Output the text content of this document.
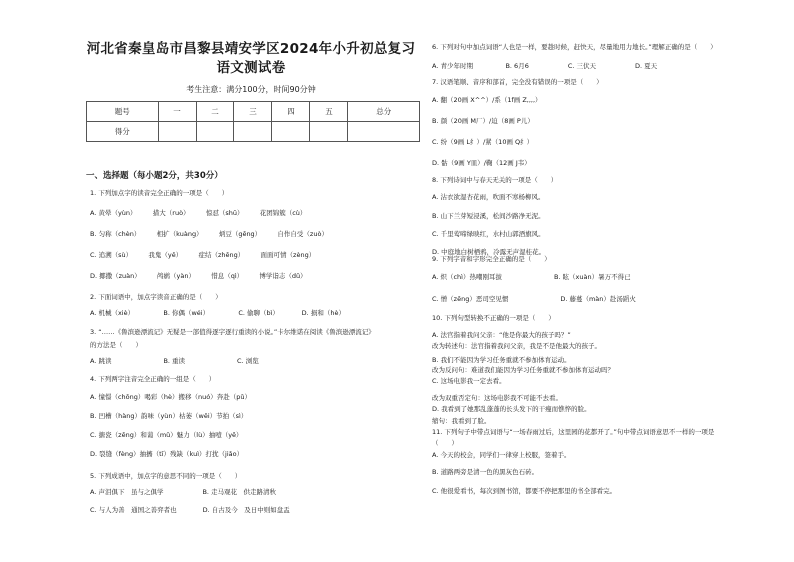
河北省秦皇岛市昌黎县靖安学区2024年小升初总复习语文测试卷
考生注意：满分100分，时间90分钟
题号	一	二	三	四	五	总分
得分						
一、选择题（每小题2分，共30分）
1. 下列加点字的读音完全正确的一项是（　　）
A. 黄晕（yùn）　　　措大（ruò）　　　惊怼（shū）　　　花团锦簇（cù）
B. 匀称（chèn）　　　相扩（kuàng）　　　炳豆（gēng）　　　自作自受（zuò）
C. 追溯（sù）　　　我鬼（yě）　　　症结（zhēng）　　　面面可情（zèng）
D. 揶撒（zuàn）　　　鸬鹚（yàn）　　　惜息（qì）　　　博学诣志（dǔ）
2. 下面词语中，加点字读音正确的是（　　）
A. 机械（xiè）　　　　　B. 你偶（wéi）　　　　　C. 偷聊（bì）　　　　D. 损和（hè）
3. “……《鲁滨逊漂流记》无疑是一部值得逐字逐行重读的小说。”卡尔维诺在阅读《鲁滨逊漂流记》
的方法是（　　）
A. 跳读　　　　　　　　B. 重读　　　　　　　　C. 浏览
4. 下列两字注音完全正确的一组是（　　）
A. 憧憬（chōng）喝彩（hè）搬移（nuó）奔赴（pǔ）
B. 凹槽（hàng）韵味（yùn）枯萎（wěi）节拍（sì）
C. 搪瓷（zēng）和蔼（mǔ）魅力（lù）抽噎（yē）
D. 裂缝（fèng）抽搐（tī）残缺（kuì）打扰（jiǎo）
5. 下列成语中，加点字的意思不同的一项是（　　）
A. 声泪俱下　虽与之俱学　　　　　　B. 走马观花　供走路清秋
C. 与人为善　通国之善弈者也　　　　D. 自古及今　及日中则如盘盂
6. 下列对句中加点词语“人也是一样，要趁时候，赶快天，尽量地用力地长。”理解正确的是（　　）
A. 青少年时期　　　　　B. 6月6　　　　　　C. 三伏天　　　　　　D. 夏天
7. 汉语笔顺、音序和部首，完全没有错误的一项是（　　）
A. 翻（20画 X^^）/系（1f画 Z,,,,）
B. 颜（20画 M厂）/迫（8画 P儿）
C. 纷（9画 L纟）/紧（10画 Q纟）
D. 骷（9画 Y皿）/鞠（12画 J韦）
8. 下列诗词中与春天无关的一项是（　　）
A. 沾衣欲湿杏花雨，吹面不寒杨柳风。
B. 山下兰芽短浸溪，松间沙路净无泥。
C. 千里莺啼绿映红，水村山郭酒旗风。
D. 中庭地白树栖鸦，冷露无声湿桂花。
9. 下列字音和字形完全正确的是（　　）
A. 炽（chì）热嘲刚耳拔　　　　　　　　B. 眩（xuàn）暑万不得已
C. 憎（zēng）恶司空见惯　　　　　　　　D. 藤蔓（màn）赴汤蹈火
10. 下列句型转换不正确的一项是（　　）
A. 法官指着我问父亲：“他是你最大的孩子吗？”
改为转述句：法官指着我问父亲，我是不是他最大的孩子。
B. 我们不能因为学习任务重就不参加体育运动。
改为反问句：难道我们能因为学习任务重就不参加体育运动吗？
C. 这场电影我一定去看。
改为双重否定句：这场电影我不可能不去看。
D. 我看到了她那乱蓬蓬的长头发下的干瘦而憔悴的脸。
缩句：我看到了脸。
11. 下列句子中带点词语与“一场春雨过后，这里园的花都开了。”句中带点词语意思不一样的一项是
（　　）
A. 今天的校会，同学们一律穿上校服，签着手。
B. 道路两旁是清一色的黑灰色石砖。
C. 他很爱看书，每次到图书馆，都要不停把那里的书全部看完。
